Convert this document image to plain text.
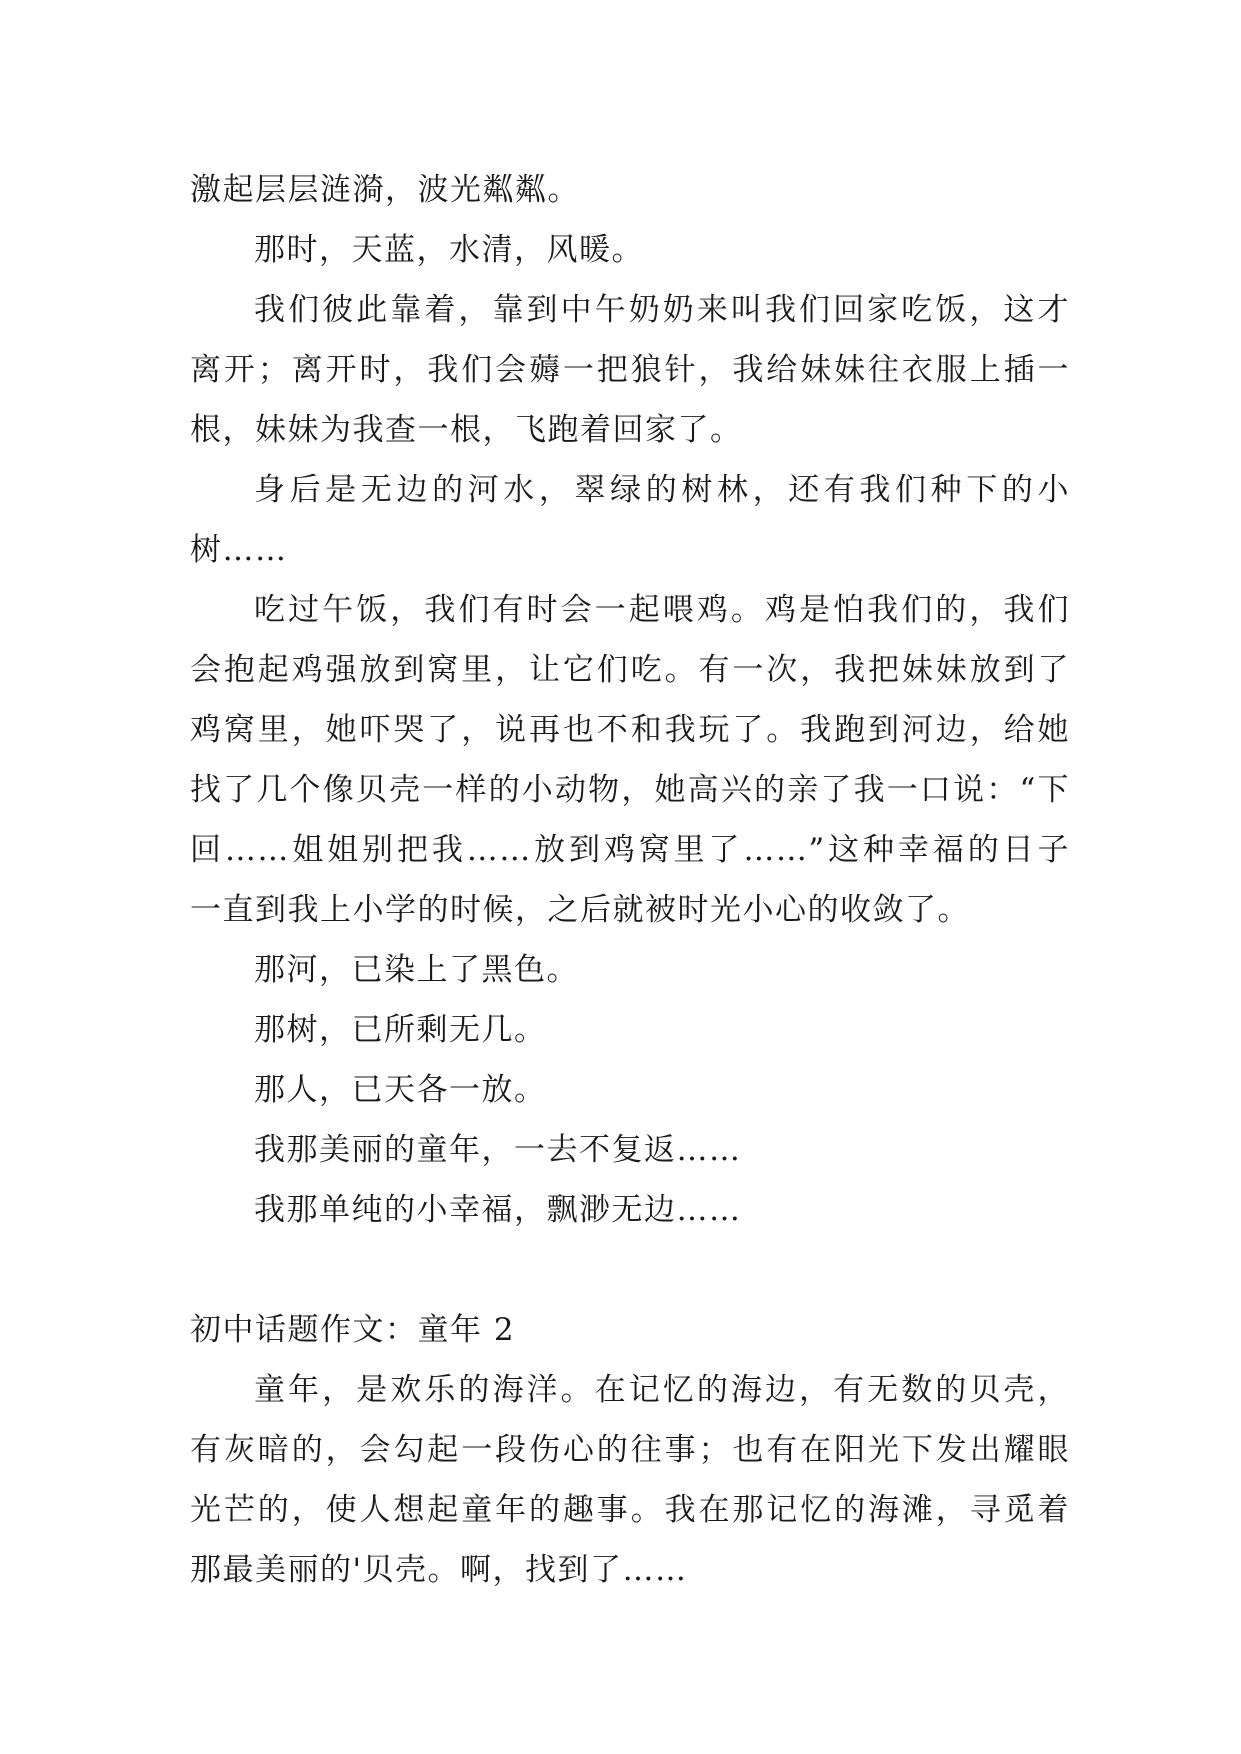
激起层层涟漪，波光粼粼。
那时，天蓝，水清，风暖。
我们彼此靠着，靠到中午奶奶来叫我们回家吃饭，这才
离开；离开时，我们会薅一把狼针，我给妹妹往衣服上插一
根，妹妹为我查一根，飞跑着回家了。
身后是无边的河水，翠绿的树林，还有我们种下的小
树……
吃过午饭，我们有时会一起喂鸡。鸡是怕我们的，我们
会抱起鸡强放到窝里，让它们吃。有一次，我把妹妹放到了
鸡窝里，她吓哭了，说再也不和我玩了。我跑到河边，给她
找了几个像贝壳一样的小动物，她高兴的亲了我一口说：“下
回……姐姐别把我……放到鸡窝里了……”这种幸福的日子
一直到我上小学的时候，之后就被时光小心的收敛了。
那河，已染上了黑色。
那树，已所剩无几。
那人，已天各一放。
我那美丽的童年，一去不复返……
我那单纯的小幸福，飘渺无边……
初中话题作文：童年 2
童年，是欢乐的海洋。在记忆的海边，有无数的贝壳，
有灰暗的，会勾起一段伤心的往事；也有在阳光下发出耀眼
光芒的，使人想起童年的趣事。我在那记忆的海滩，寻觅着
那最美丽的'贝壳。啊，找到了……
